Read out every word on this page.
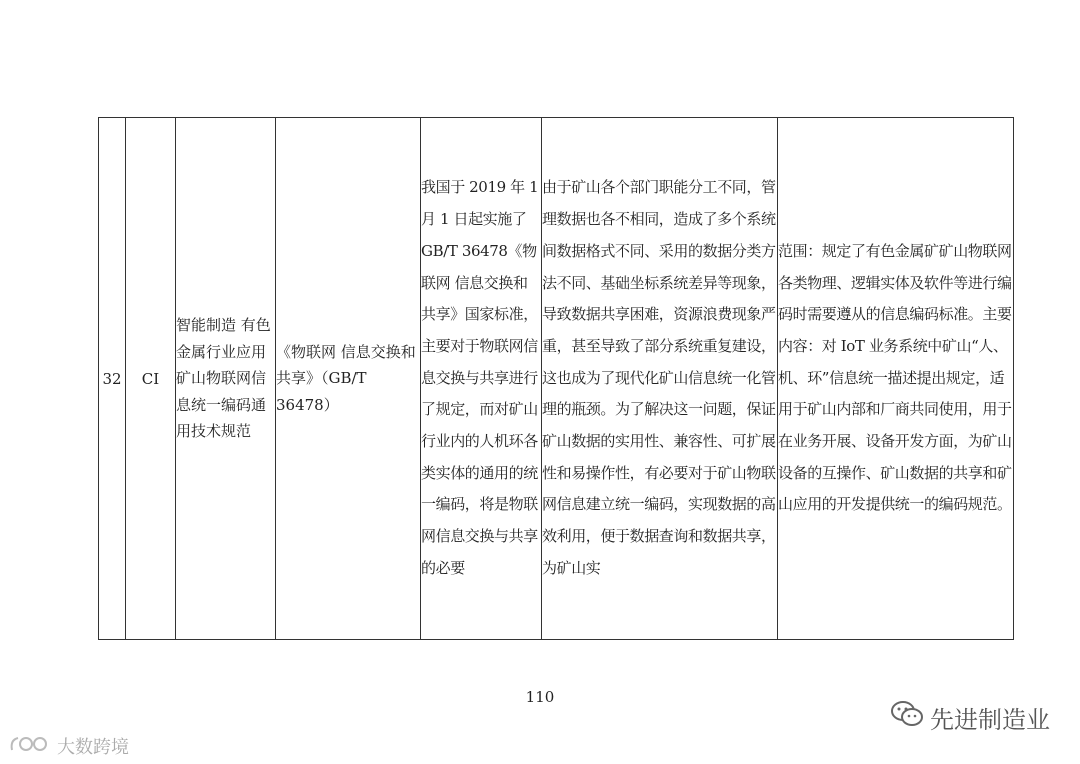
32	CI	智能制造 有色金属行业应用 矿山物联网信息统一编码通用技术规范	《物联网 信息交换和共享》（GB/T 36478）	我国于 2019 年 1 月 1 日起实施了 GB/T 36478《物联网 信息交换和共享》国家标准，主要对于物联网信息交换与共享进行了规定，而对矿山行业内的人机环各类实体的通用的统一编码，将是物联网信息交换与共享的必要	由于矿山各个部门职能分工不同，管理数据也各不相同，造成了多个系统间数据格式不同、采用的数据分类方法不同、基础坐标系统差异等现象，导致数据共享困难，资源浪费现象严重，甚至导致了部分系统重复建设，这也成为了现代化矿山信息统一化管理的瓶颈。为了解决这一问题，保证矿山数据的实用性、兼容性、可扩展性和易操作性，有必要对于矿山物联网信息建立统一编码，实现数据的高效利用，便于数据查询和数据共享，为矿山实	范围：规定了有色金属矿矿山物联网各类物理、逻辑实体及软件等进行编码时需要遵从的信息编码标准。主要内容：对 IoT 业务系统中矿山“人、机、环”信息统一描述提出规定，适用于矿山内部和厂商共同使用，用于在业务开展、设备开发方面，为矿山设备的互操作、矿山数据的共享和矿山应用的开发提供统一的编码规范。
110
先进制造业
大数跨境
